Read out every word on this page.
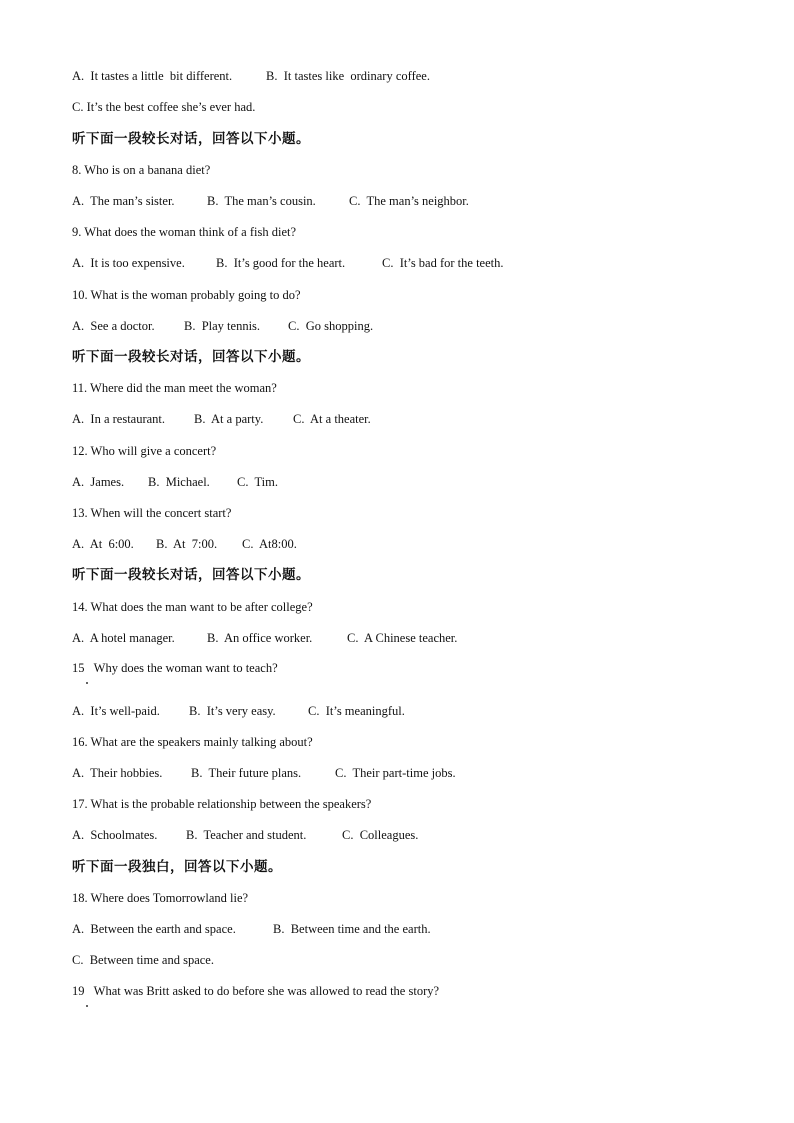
A.  It tastes a little  bit different.	B.  It tastes like  ordinary coffee.
C. It’s the best coffee she’s ever had.
听下面一段较长对话，回答以下小题。
8. Who is on a banana diet?
A.  The man’s sister.	B.  The man’s cousin.	C.  The man’s neighbor.
9. What does the woman think of a fish diet?
A.  It is too expensive. B.  It’s good for the heart.	C.  It’s bad for the teeth.
10. What is the woman probably going to do?
A.  See a doctor. B.  Play tennis. C.  Go shopping.
听下面一段较长对话，回答以下小题。
11. Where did the man meet the woman?
A.  In a restaurant. B.  At a party. C.  At a theater.
12. Who will give a concert?
A.  James. B.  Michael. C.  Tim.
13. When will the concert start?
A.  At  6:00. B.  At  7:00. C.  At8:00.
听下面一段较长对话，回答以下小题。
14. What does the man want to be after college?
A.  A hotel manager.	B.  An office worker.	C.  A Chinese teacher.
15   Why does the woman want to teach?
A.  It’s well-paid. B.  It’s very easy.	C.  It’s meaningful.
16. What are the speakers mainly talking about?
A.  Their hobbies. B.  Their future plans.	C.  Their part-time jobs.
17. What is the probable relationship between the speakers?
A.  Schoolmates. B.  Teacher and student.	C.  Colleagues.
听下面一段独白，回答以下小题。
18. Where does Tomorrowland lie?
A.  Between the earth and space.	B.  Between time and the earth.
C.  Between time and space.
19   What was Britt asked to do before she was allowed to read the story?
